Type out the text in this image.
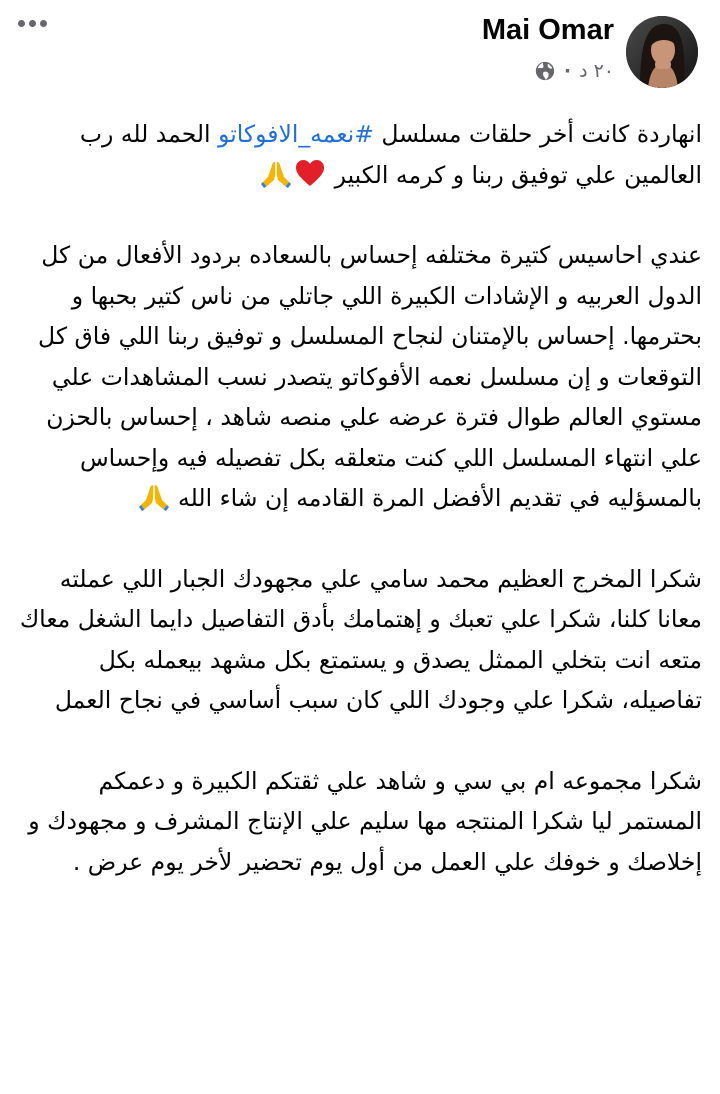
Mai Omar
· ٢٠ د

انهاردة كانت أخر حلقات مسلسل #نعمه_الافوكاتو الحمد لله رب العالمين علي توفيق ربنا و كرمه الكبير

عندي احاسيس كتيرة مختلفه إحساس بالسعاده بردود الأفعال من كل الدول العربيه و الإشادات الكبيرة اللي جاتلي من ناس كتير بحبها و بحترمها. إحساس بالإمتنان لنجاح المسلسل و توفيق ربنا اللي فاق كل التوقعات و إن مسلسل نعمه الأفوكاتو يتصدر نسب المشاهدات علي مستوي العالم طوال فترة عرضه علي منصه شاهد ، إحساس بالحزن علي انتهاء المسلسل اللي كنت متعلقه بكل تفصيله فيه وإحساس بالمسؤليه في تقديم الأفضل المرة القادمه إن شاء الله

شكرا المخرج العظيم محمد سامي علي مجهودك الجبار اللي عملته معانا كلنا، شكرا علي تعبك و إهتمامك بأدق التفاصيل دايما الشغل معاك متعه انت بتخلي الممثل يصدق و يستمتع بكل مشهد بيعمله بكل تفاصيله، شكرا علي وجودك اللي كان سبب أساسي في نجاح العمل

شكرا مجموعه ام بي سي و شاهد علي ثقتكم الكبيرة و دعمكم المستمر ليا شكرا المنتجه مها سليم علي الإنتاج المشرف و مجهودك و إخلاصك و خوفك علي العمل من أول يوم تحضير لأخر يوم عرض .
